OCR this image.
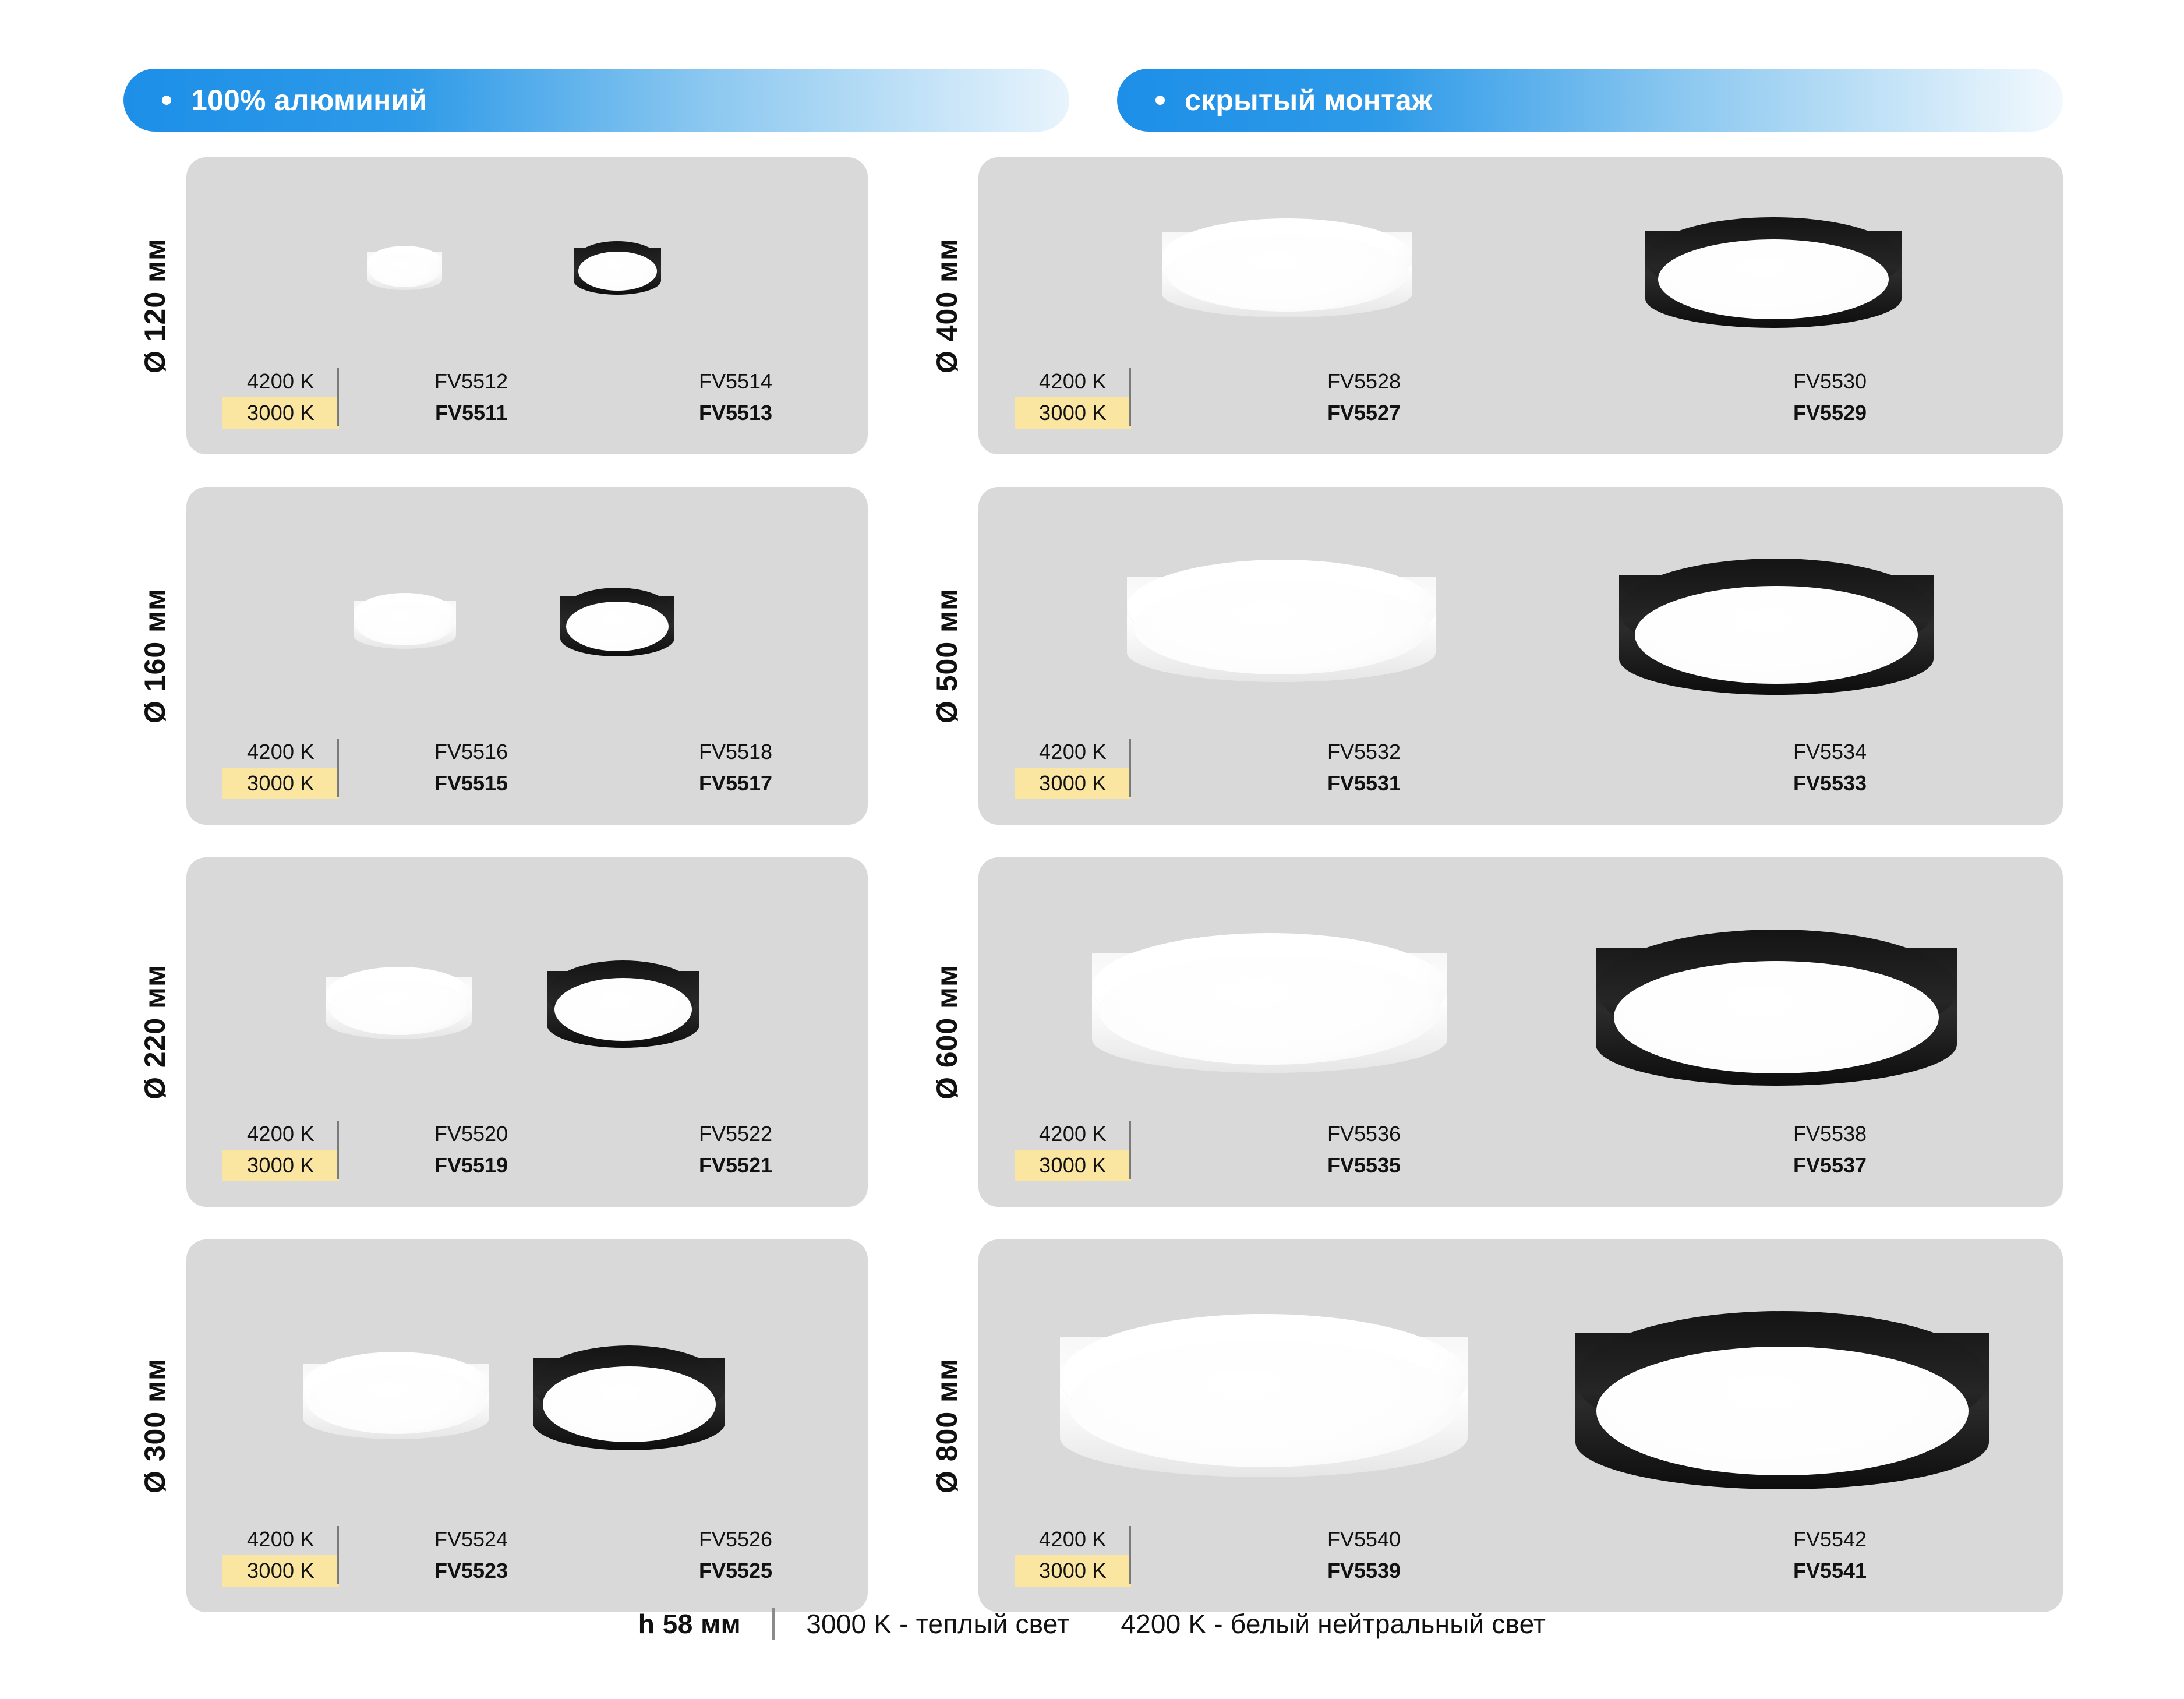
100% алюминий	скрытый монтаж
Ø 120 мм
4200 K
3000 K
FV5512
FV5511
FV5514
FV5513
Ø 400 мм
4200 K
3000 K
FV5528
FV5527
FV5530
FV5529
Ø 160 мм
4200 K
3000 K
FV5516
FV5515
FV5518
FV5517
Ø 500 мм
4200 K
3000 K
FV5532
FV5531
FV5534
FV5533
Ø 220 мм
4200 K
3000 K
FV5520
FV5519
FV5522
FV5521
Ø 600 мм
4200 K
3000 K
FV5536
FV5535
FV5538
FV5537
Ø 300 мм
4200 K
3000 K
FV5524
FV5523
FV5526
FV5525
Ø 800 мм
4200 K
3000 K
FV5540
FV5539
FV5542
FV5541
h 58 мм 3000 K - теплый свет 4200 K - белый нейтральный свет
